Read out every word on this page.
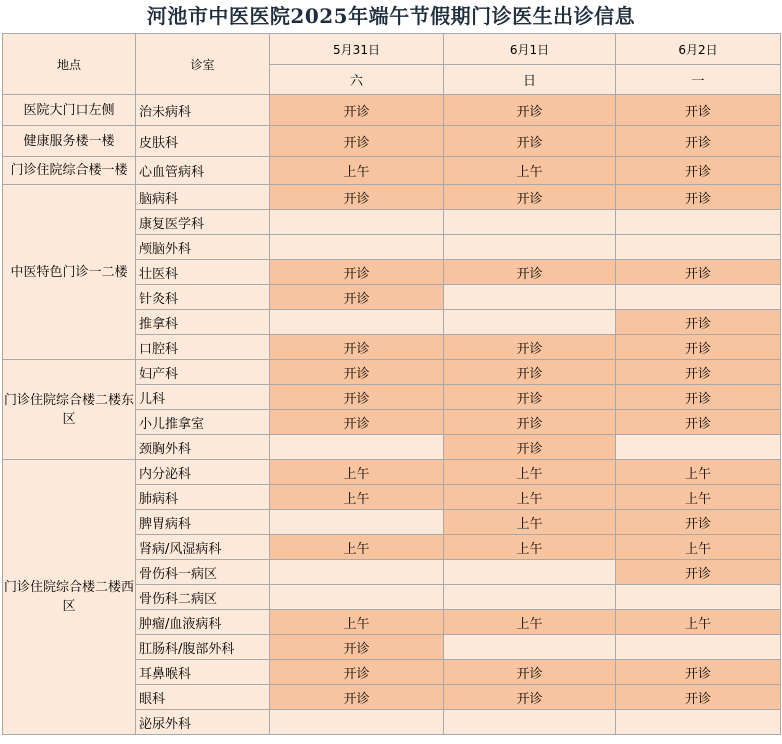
河池市中医医院2025年端午节假期门诊医生出诊信息
地点	诊室	5月31日	6月1日	6月2日
		六	日	一
医院大门口左侧	治未病科	开诊	开诊	开诊
健康服务楼一楼	皮肤科	开诊	开诊	开诊
门诊住院综合楼一楼	心血管病科	上午	上午	开诊
中医特色门诊一二楼	脑病科	开诊	开诊	开诊
	康复医学科			
	颅脑外科			
	壮医科	开诊	开诊	开诊
	针灸科	开诊		
	推拿科			开诊
	口腔科	开诊	开诊	开诊
门诊住院综合楼二楼东区	妇产科	开诊	开诊	开诊
	儿科	开诊	开诊	开诊
	小儿推拿室	开诊	开诊	开诊
	颈胸外科		开诊	
门诊住院综合楼二楼西区	内分泌科	上午	上午	上午
	肺病科	上午	上午	上午
	脾胃病科		上午	开诊
	肾病/风湿病科	上午	上午	上午
	骨伤科一病区			开诊
	骨伤科二病区			
	肿瘤/血液病科	上午	上午	上午
	肛肠科/腹部外科	开诊		
	耳鼻喉科	开诊	开诊	开诊
	眼科	开诊	开诊	开诊
	泌尿外科			
